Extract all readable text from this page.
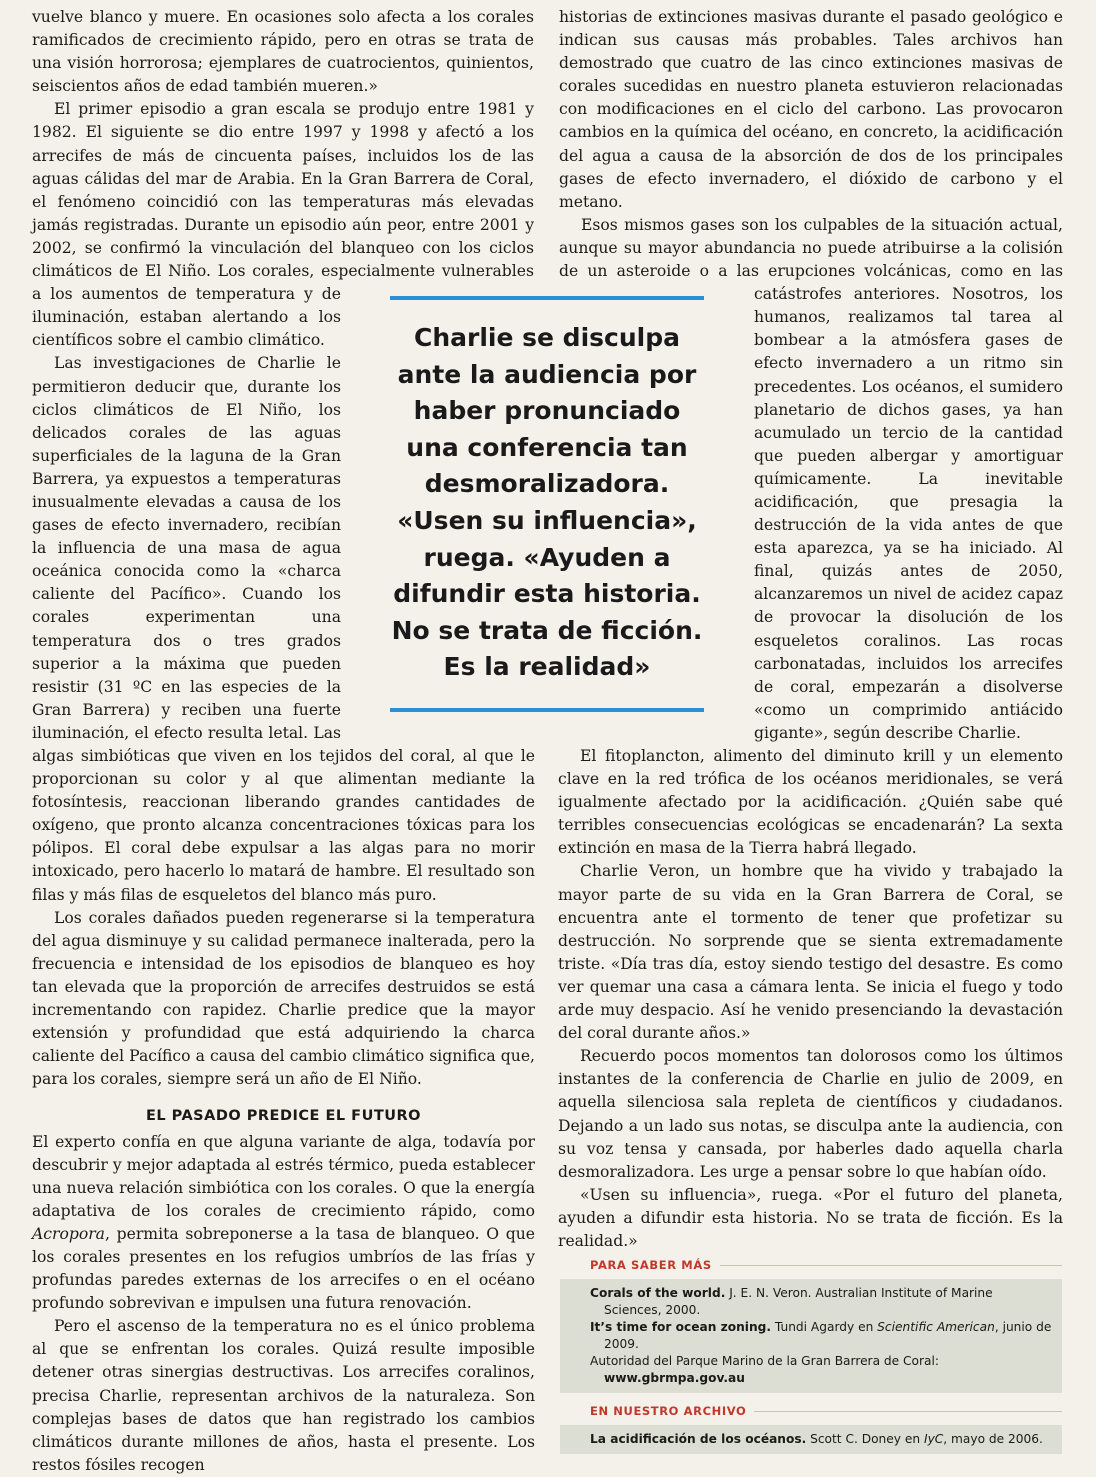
vuelve blanco y muere. En ocasiones solo afecta a los corales ramificados de crecimiento rápido, pero en otras se trata de una visión horrorosa; ejemplares de cuatrocientos, quinientos, seiscientos años de edad también mueren.»

El primer episodio a gran escala se produjo entre 1981 y 1982. El siguiente se dio entre 1997 y 1998 y afectó a los arrecifes de más de cincuenta países, incluidos los de las aguas cálidas del mar de Arabia. En la Gran Barrera de Coral, el fenómeno coincidió con las temperaturas más elevadas jamás registradas. Durante un episodio aún peor, entre 2001 y 2002, se confirmó la vinculación del blanqueo con los ciclos climáticos de El Niño. Los corales, especialmente vulnerables a los aumentos de temperatura y de iluminación, estaban alertando a los científicos sobre el cambio climático.

Las investigaciones de Charlie le permitieron deducir que, durante los ciclos climáticos de El Niño, los delicados corales de las aguas superficiales de la laguna de la Gran Barrera, ya expuestos a temperaturas inusualmente elevadas a causa de los gases de efecto invernadero, recibían la influencia de una masa de agua oceánica conocida como la «charca caliente del Pacífico». Cuando los corales experimentan una temperatura dos o tres grados superior a la máxima que pueden resistir (31 ºC en las especies de la Gran Barrera) y reciben una fuerte iluminación, el efecto resulta letal. Las algas simbióticas que viven en los tejidos del coral, al que le proporcionan su color y al que alimentan mediante la fotosíntesis, reaccionan liberando grandes cantidades de oxígeno, que pronto alcanza concentraciones tóxicas para los pólipos. El coral debe expulsar a las algas para no morir intoxicado, pero hacerlo lo matará de hambre. El resultado son filas y más filas de esqueletos del blanco más puro.

Los corales dañados pueden regenerarse si la temperatura del agua disminuye y su calidad permanece inalterada, pero la frecuencia e intensidad de los episodios de blanqueo es hoy tan elevada que la proporción de arrecifes destruidos se está incrementando con rapidez. Charlie predice que la mayor extensión y profundidad que está adquiriendo la charca caliente del Pacífico a causa del cambio climático significa que, para los corales, siempre será un año de El Niño.

EL PASADO PREDICE EL FUTURO

El experto confía en que alguna variante de alga, todavía por descubrir y mejor adaptada al estrés térmico, pueda establecer una nueva relación simbiótica con los corales. O que la energía adaptativa de los corales de crecimiento rápido, como Acropora, permita sobreponerse a la tasa de blanqueo. O que los corales presentes en los refugios umbríos de las frías y profundas paredes externas de los arrecifes o en el océano profundo sobrevivan e impulsen una futura renovación.

Pero el ascenso de la temperatura no es el único problema al que se enfrentan los corales. Quizá resulte imposible detener otras sinergias destructivas. Los arrecifes coralinos, precisa Charlie, representan archivos de la naturaleza. Son complejas bases de datos que han registrado los cambios climáticos durante millones de años, hasta el presente. Los restos fósiles recogen

historias de extinciones masivas durante el pasado geológico e indican sus causas más probables. Tales archivos han demostrado que cuatro de las cinco extinciones masivas de corales sucedidas en nuestro planeta estuvieron relacionadas con modificaciones en el ciclo del carbono. Las provocaron cambios en la química del océano, en concreto, la acidificación del agua a causa de la absorción de dos de los principales gases de efecto invernadero, el dióxido de carbono y el metano.

Esos mismos gases son los culpables de la situación actual, aunque su mayor abundancia no puede atribuirse a la colisión de un asteroide o a las erupciones volcánicas, como en las catástrofes anteriores. Nosotros, los humanos, realizamos tal tarea al bombear a la atmósfera gases de efecto invernadero a un ritmo sin precedentes. Los océanos, el sumidero planetario de dichos gases, ya han acumulado un tercio de la cantidad que pueden albergar y amortiguar químicamente. La inevitable acidificación, que presagia la destrucción de la vida antes de que esta aparezca, ya se ha iniciado. Al final, quizás antes de 2050, alcanzaremos un nivel de acidez capaz de provocar la disolución de los esqueletos coralinos. Las rocas carbonatadas, incluidos los arrecifes de coral, empezarán a disolverse «como un comprimido antiácido gigante», según describe Charlie.

El fitoplancton, alimento del diminuto krill y un elemento clave en la red trófica de los océanos meridionales, se verá igualmente afectado por la acidificación. ¿Quién sabe qué terribles consecuencias ecológicas se encadenarán? La sexta extinción en masa de la Tierra habrá llegado.

Charlie Veron, un hombre que ha vivido y trabajado la mayor parte de su vida en la Gran Barrera de Coral, se encuentra ante el tormento de tener que profetizar su destrucción. No sorprende que se sienta extremadamente triste. «Día tras día, estoy siendo testigo del desastre. Es como ver quemar una casa a cámara lenta. Se inicia el fuego y todo arde muy despacio. Así he venido presenciando la devastación del coral durante años.»

Recuerdo pocos momentos tan dolorosos como los últimos instantes de la conferencia de Charlie en julio de 2009, en aquella silenciosa sala repleta de científicos y ciudadanos. Dejando a un lado sus notas, se disculpa ante la audiencia, con su voz tensa y cansada, por haberles dado aquella charla desmoralizadora. Les urge a pensar sobre lo que habían oído.

«Usen su influencia», ruega. «Por el futuro del planeta, ayuden a difundir esta historia. No se trata de ficción. Es la realidad.»

Charlie se disculpa ante la audiencia por haber pronunciado una conferencia tan desmoralizadora. «Usen su influencia», ruega. «Ayuden a difundir esta historia. No se trata de ficción. Es la realidad»
PARA SABER MÁS

Corals of the world. J. E. N. Veron. Australian Institute of Marine Sciences, 2000.

It’s time for ocean zoning. Tundi Agardy en Scientific American, junio de 2009.

Autoridad del Parque Marino de la Gran Barrera de Coral: www.gbrmpa.gov.au

EN NUESTRO ARCHIVO

La acidificación de los océanos. Scott C. Doney en IyC, mayo de 2006.
